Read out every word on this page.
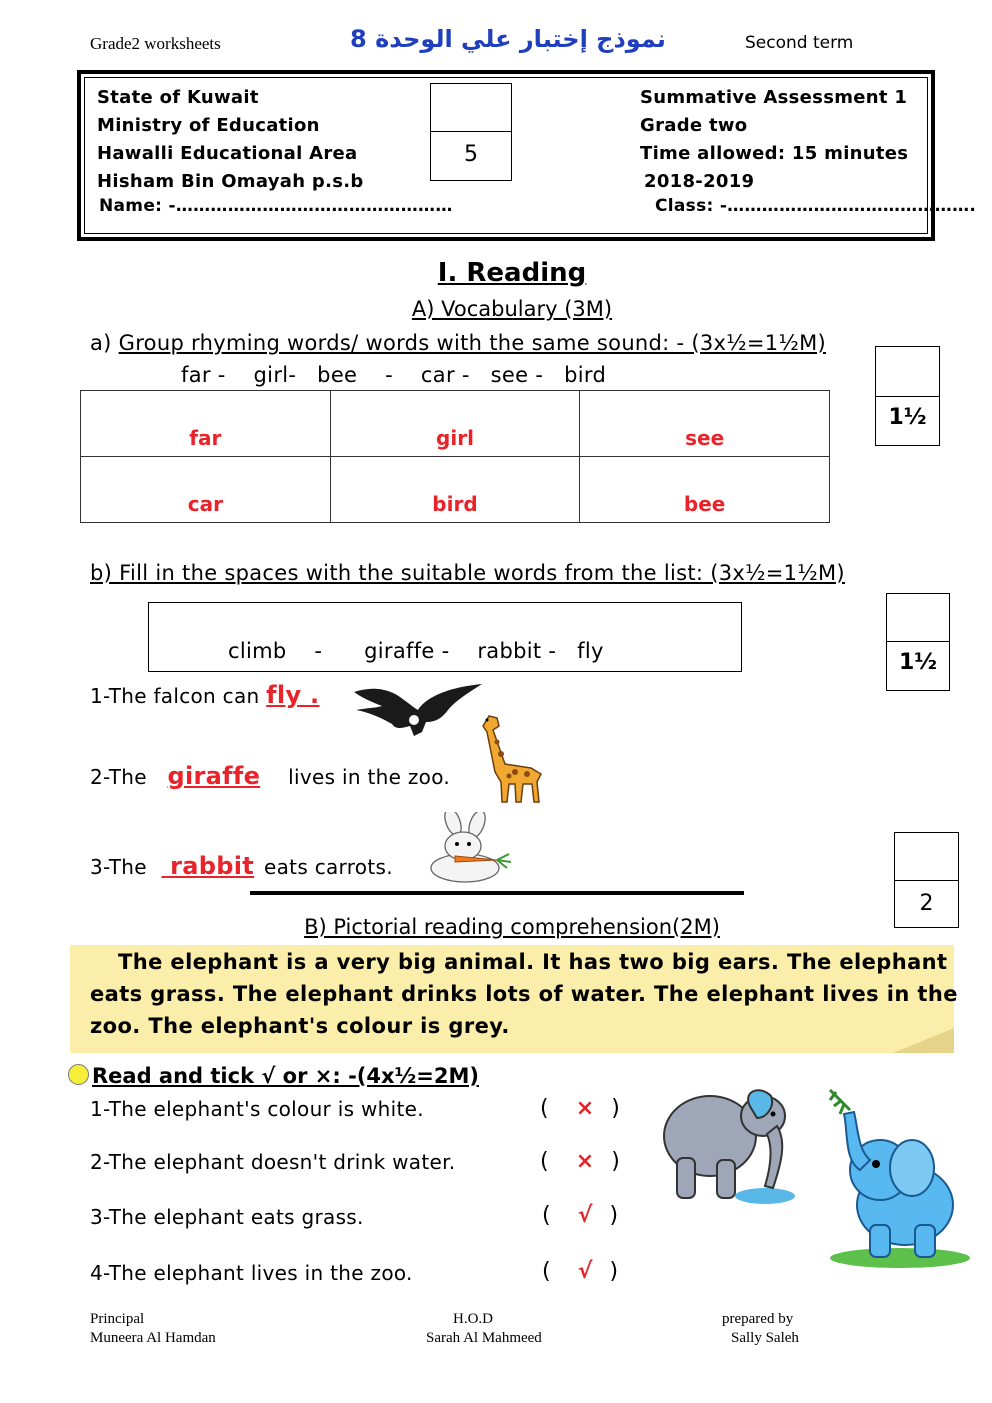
Grade2 worksheets	نموذج إختبار علي الوحدة 8	Second term
State of Kuwait
Ministry of Education
Hawalli Educational Area
Hisham Bin Omayah p.s.b
Name: -…………………………………………
5
Summative Assessment 1
Grade two
Time allowed: 15 minutes
2018-2019
Class: -…………………………………….
I. Reading
A) Vocabulary (3M)
a) Group rhyming words/ words with the same sound: - (3x½=1½M)
far -    girl-   bee    -    car -   see -   bird
far	girl	see
car	bird	bee
1½
b) Fill in the spaces with the suitable words from the list: (3x½=1½M)
climb    -      giraffe -    rabbit -   fly	1½
1-The falcon can fly .
2-The giraffe lives in the zoo.
3-The  rabbit eats carrots.
2
B) Pictorial reading comprehension(2M)
The elephant is a very big animal. It has two big ears. The elephant
eats grass. The elephant drinks lots of water. The elephant lives in the
zoo. The elephant's colour is grey.
Read and tick √ or ×: -(4x½=2M)
1-The elephant's colour is white.	( × )
2-The elephant doesn't drink water.	( × )
3-The elephant eats grass.	( √ )
4-The elephant lives in the zoo.	( √ )
Principal
Muneera Al Hamdan
H.O.D
Sarah Al Mahmeed
prepared by
Sally Saleh
